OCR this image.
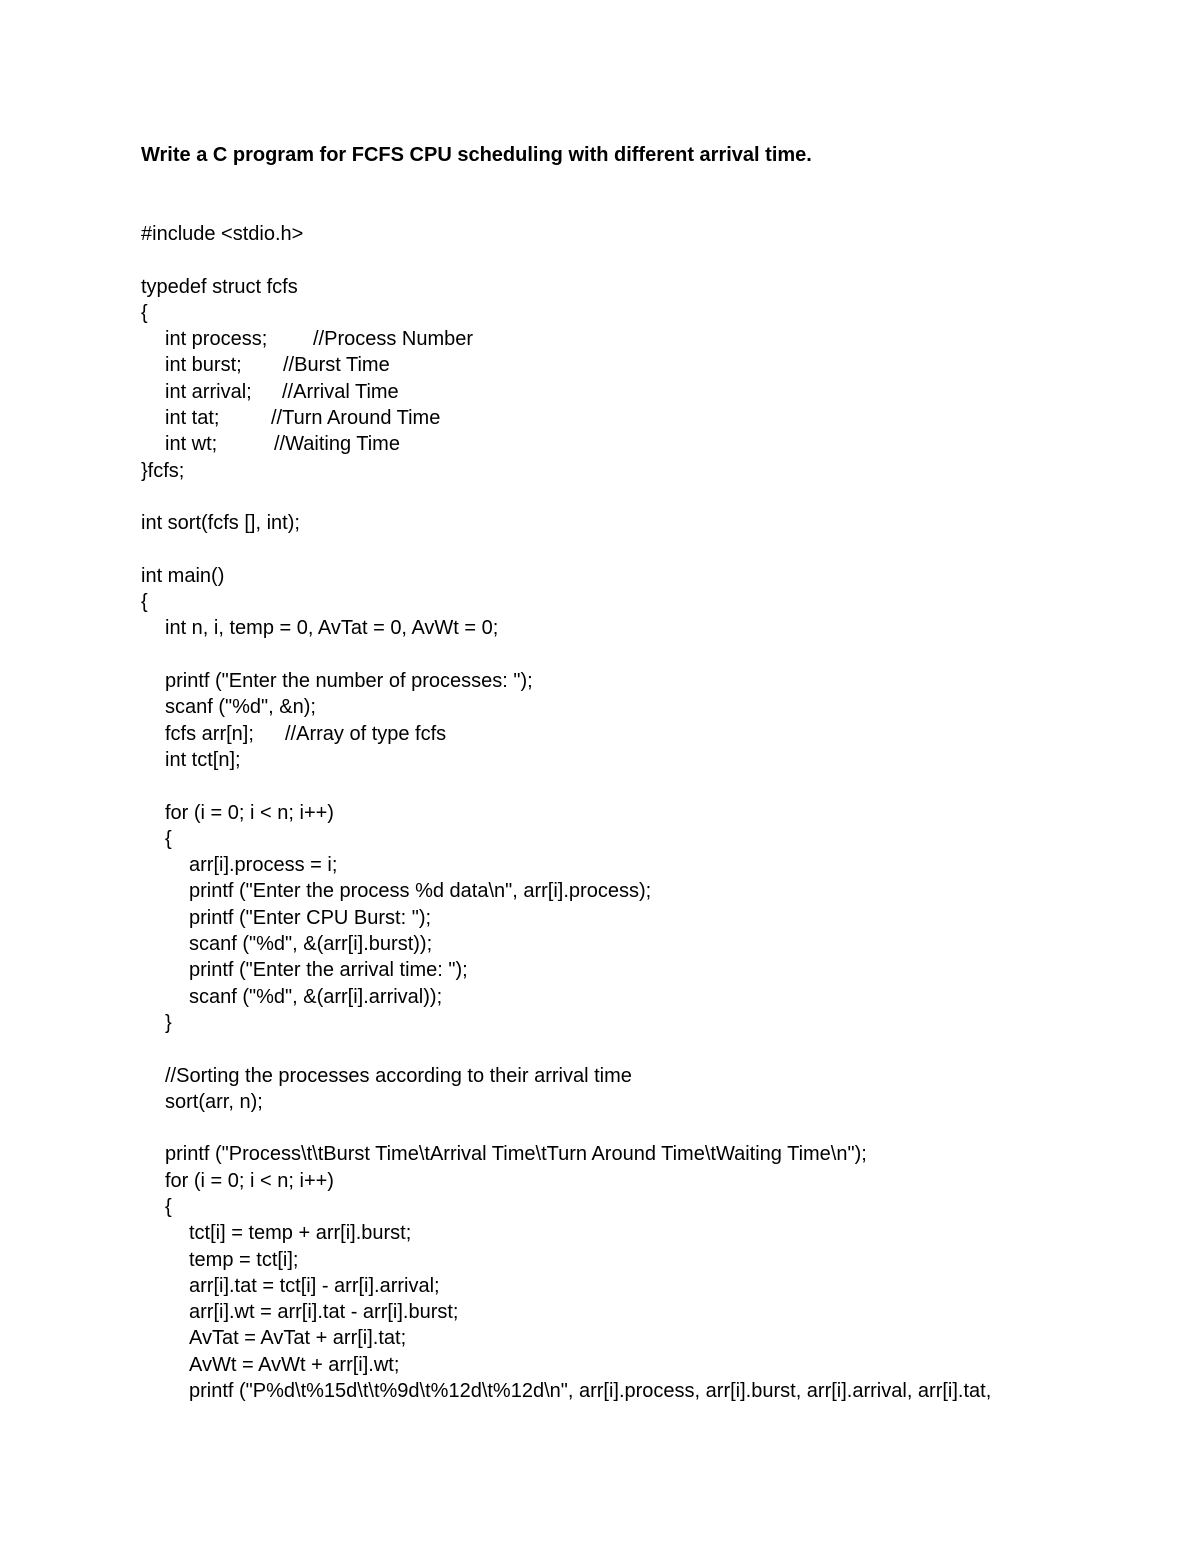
Write a C program for FCFS CPU scheduling with different arrival time.
#include <stdio.h>
typedef struct fcfs
{
int process; //Process Number
int burst; //Burst Time
int arrival; //Arrival Time
int tat;	//Turn Around Time
int wt;	//Waiting Time
}fcfs;
int sort(fcfs [], int);
int main()
{
int n, i, temp = 0, AvTat = 0, AvWt = 0;
printf ("Enter the number of processes: ");
scanf ("%d", &n);
fcfs arr[n]; //Array of type fcfs
int tct[n];
for (i = 0; i < n; i++)
{
arr[i].process = i;
printf ("Enter the process %d data\n", arr[i].process);
printf ("Enter CPU Burst: ");
scanf ("%d", &(arr[i].burst));
printf ("Enter the arrival time: ");
scanf ("%d", &(arr[i].arrival));
}
//Sorting the processes according to their arrival time
sort(arr, n);
printf ("Process\t\tBurst Time\tArrival Time\tTurn Around Time\tWaiting Time\n");
for (i = 0; i < n; i++)
{
tct[i] = temp + arr[i].burst;
temp = tct[i];
arr[i].tat = tct[i] - arr[i].arrival;
arr[i].wt = arr[i].tat - arr[i].burst;
AvTat = AvTat + arr[i].tat;
AvWt = AvWt + arr[i].wt;
printf ("P%d\t%15d\t\t%9d\t%12d\t%12d\n", arr[i].process, arr[i].burst, arr[i].arrival, arr[i].tat,
